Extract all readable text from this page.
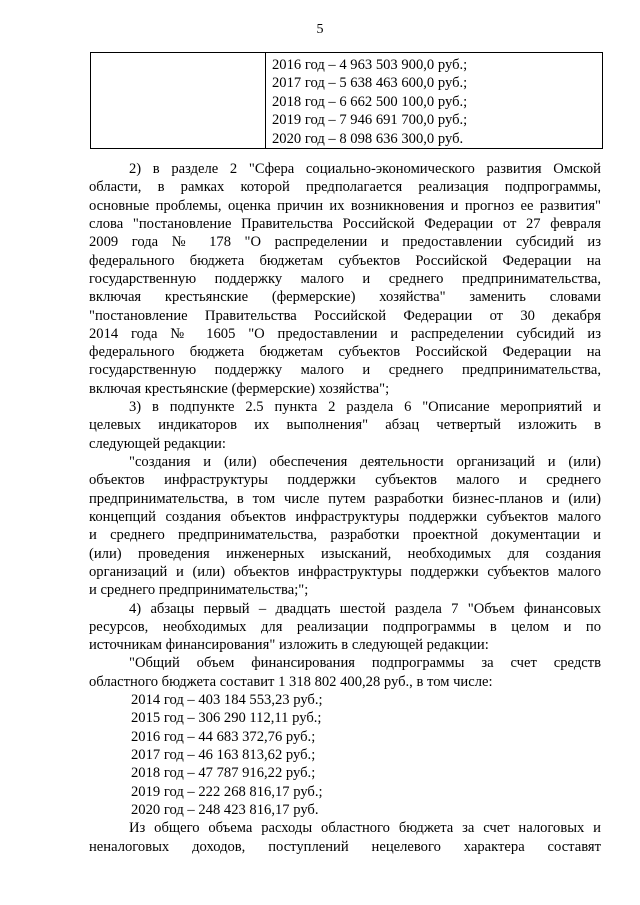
5
2016 год – 4 963 503 900,0 руб.;
2017 год – 5 638 463 600,0 руб.;
2018 год – 6 662 500 100,0 руб.;
2019 год – 7 946 691 700,0 руб.;
2020 год – 8 098 636 300,0 руб.
2) в разделе 2 "Сфера социально-экономического развития Омской
области, в рамках которой предполагается реализация подпрограммы,
основные проблемы, оценка причин их возникновения и прогноз ее развития"
слова "постановление Правительства Российской Федерации от 27 февраля
2009 года № 178 "О распределении и предоставлении субсидий из
федерального бюджета бюджетам субъектов Российской Федерации на
государственную поддержку малого и среднего предпринимательства,
включая крестьянские (фермерские) хозяйства" заменить словами
"постановление Правительства Российской Федерации от 30 декабря
2014 года № 1605 "О предоставлении и распределении субсидий из
федерального бюджета бюджетам субъектов Российской Федерации на
государственную поддержку малого и среднего предпринимательства,
включая крестьянские (фермерские) хозяйства";
3) в подпункте 2.5 пункта 2 раздела 6 "Описание мероприятий и
целевых индикаторов их выполнения" абзац четвертый изложить в
следующей редакции:
"создания и (или) обеспечения деятельности организаций и (или)
объектов инфраструктуры поддержки субъектов малого и среднего
предпринимательства, в том числе путем разработки бизнес-планов и (или)
концепций создания объектов инфраструктуры поддержки субъектов малого
и среднего предпринимательства, разработки проектной документации и
(или) проведения инженерных изысканий, необходимых для создания
организаций и (или) объектов инфраструктуры поддержки субъектов малого
и среднего предпринимательства;";
4) абзацы первый – двадцать шестой раздела 7 "Объем финансовых
ресурсов, необходимых для реализации подпрограммы в целом и по
источникам финансирования" изложить в следующей редакции:
"Общий объем финансирования подпрограммы за счет средств
областного бюджета составит 1 318 802 400,28 руб., в том числе:
2014 год – 403 184 553,23 руб.;
2015 год – 306 290 112,11 руб.;
2016 год – 44 683 372,76 руб.;
2017 год – 46 163 813,62 руб.;
2018 год – 47 787 916,22 руб.;
2019 год – 222 268 816,17 руб.;
2020 год – 248 423 816,17 руб.
Из общего объема расходы областного бюджета за счет налоговых и
неналоговых доходов, поступлений нецелевого характера составят
